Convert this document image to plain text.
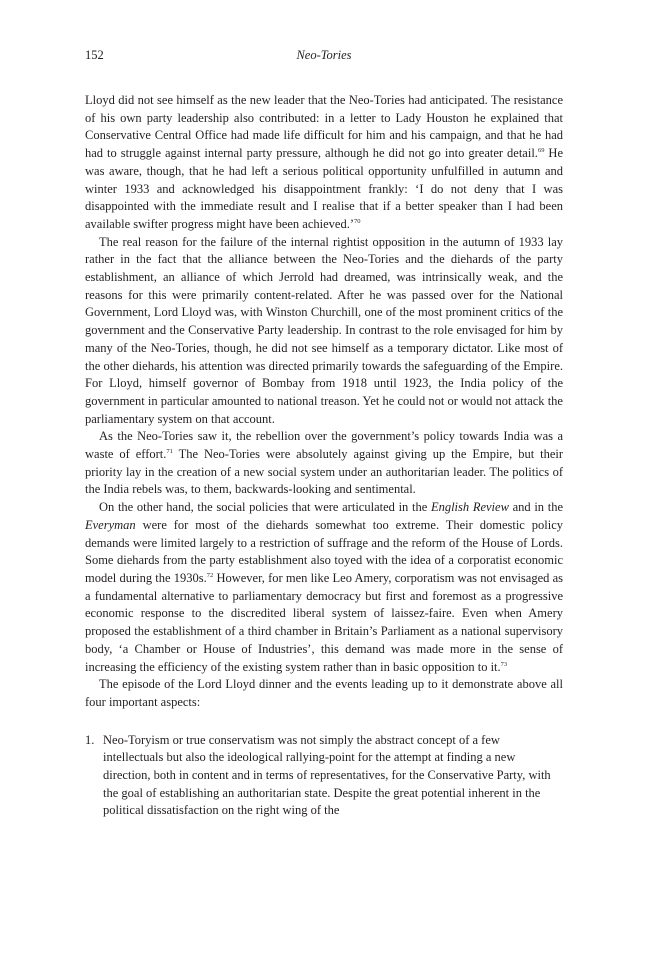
152	Neo-Tories

Lloyd did not see himself as the new leader that the Neo-Tories had anticipated. The resistance of his own party leadership also contributed: in a letter to Lady Houston he explained that Conservative Central Office had made life difficult for him and his campaign, and that he had had to struggle against internal party pressure, although he did not go into greater detail.$^{69}$ He was aware, though, that he had left a serious political opportunity unfulfilled in autumn and winter 1933 and acknowledged his disappointment frankly: ‘I do not deny that I was disappointed with the immediate result and I realise that if a better speaker than I had been available swifter progress might have been achieved.’$^{70}$

The real reason for the failure of the internal rightist opposition in the autumn of 1933 lay rather in the fact that the alliance between the Neo-Tories and the diehards of the party establishment, an alliance of which Jerrold had dreamed, was intrinsically weak, and the reasons for this were primarily content-related. After he was passed over for the National Government, Lord Lloyd was, with Winston Churchill, one of the most prominent critics of the government and the Conservative Party leadership. In contrast to the role envisaged for him by many of the Neo-Tories, though, he did not see himself as a temporary dictator. Like most of the other diehards, his attention was directed primarily towards the safeguarding of the Empire. For Lloyd, himself governor of Bombay from 1918 until 1923, the India policy of the government in particular amounted to national treason. Yet he could not or would not attack the parliamentary system on that account.

As the Neo-Tories saw it, the rebellion over the government’s policy towards India was a waste of effort.$^{71}$ The Neo-Tories were absolutely against giving up the Empire, but their priority lay in the creation of a new social system under an authoritarian leader. The politics of the India rebels was, to them, backwards-looking and sentimental.

On the other hand, the social policies that were articulated in the English Review and in the Everyman were for most of the diehards somewhat too extreme. Their domestic policy demands were limited largely to a restriction of suffrage and the reform of the House of Lords. Some diehards from the party establishment also toyed with the idea of a corporatist economic model during the 1930s.$^{72}$ However, for men like Leo Amery, corporatism was not envisaged as a fundamental alternative to parliamentary democracy but first and foremost as a progressive economic response to the discredited liberal system of laissez-faire. Even when Amery proposed the establishment of a third chamber in Britain’s Parliament as a national supervisory body, ‘a Chamber or House of Industries’, this demand was made more in the sense of increasing the efficiency of the existing system rather than in basic opposition to it.$^{73}$

The episode of the Lord Lloyd dinner and the events leading up to it demonstrate above all four important aspects:

1. Neo-Toryism or true conservatism was not simply the abstract concept of a few intellectuals but also the ideological rallying-point for the attempt at finding a new direction, both in content and in terms of representatives, for the Conservative Party, with the goal of establishing an authoritarian state. Despite the great potential inherent in the political dissatisfaction on the right wing of the
